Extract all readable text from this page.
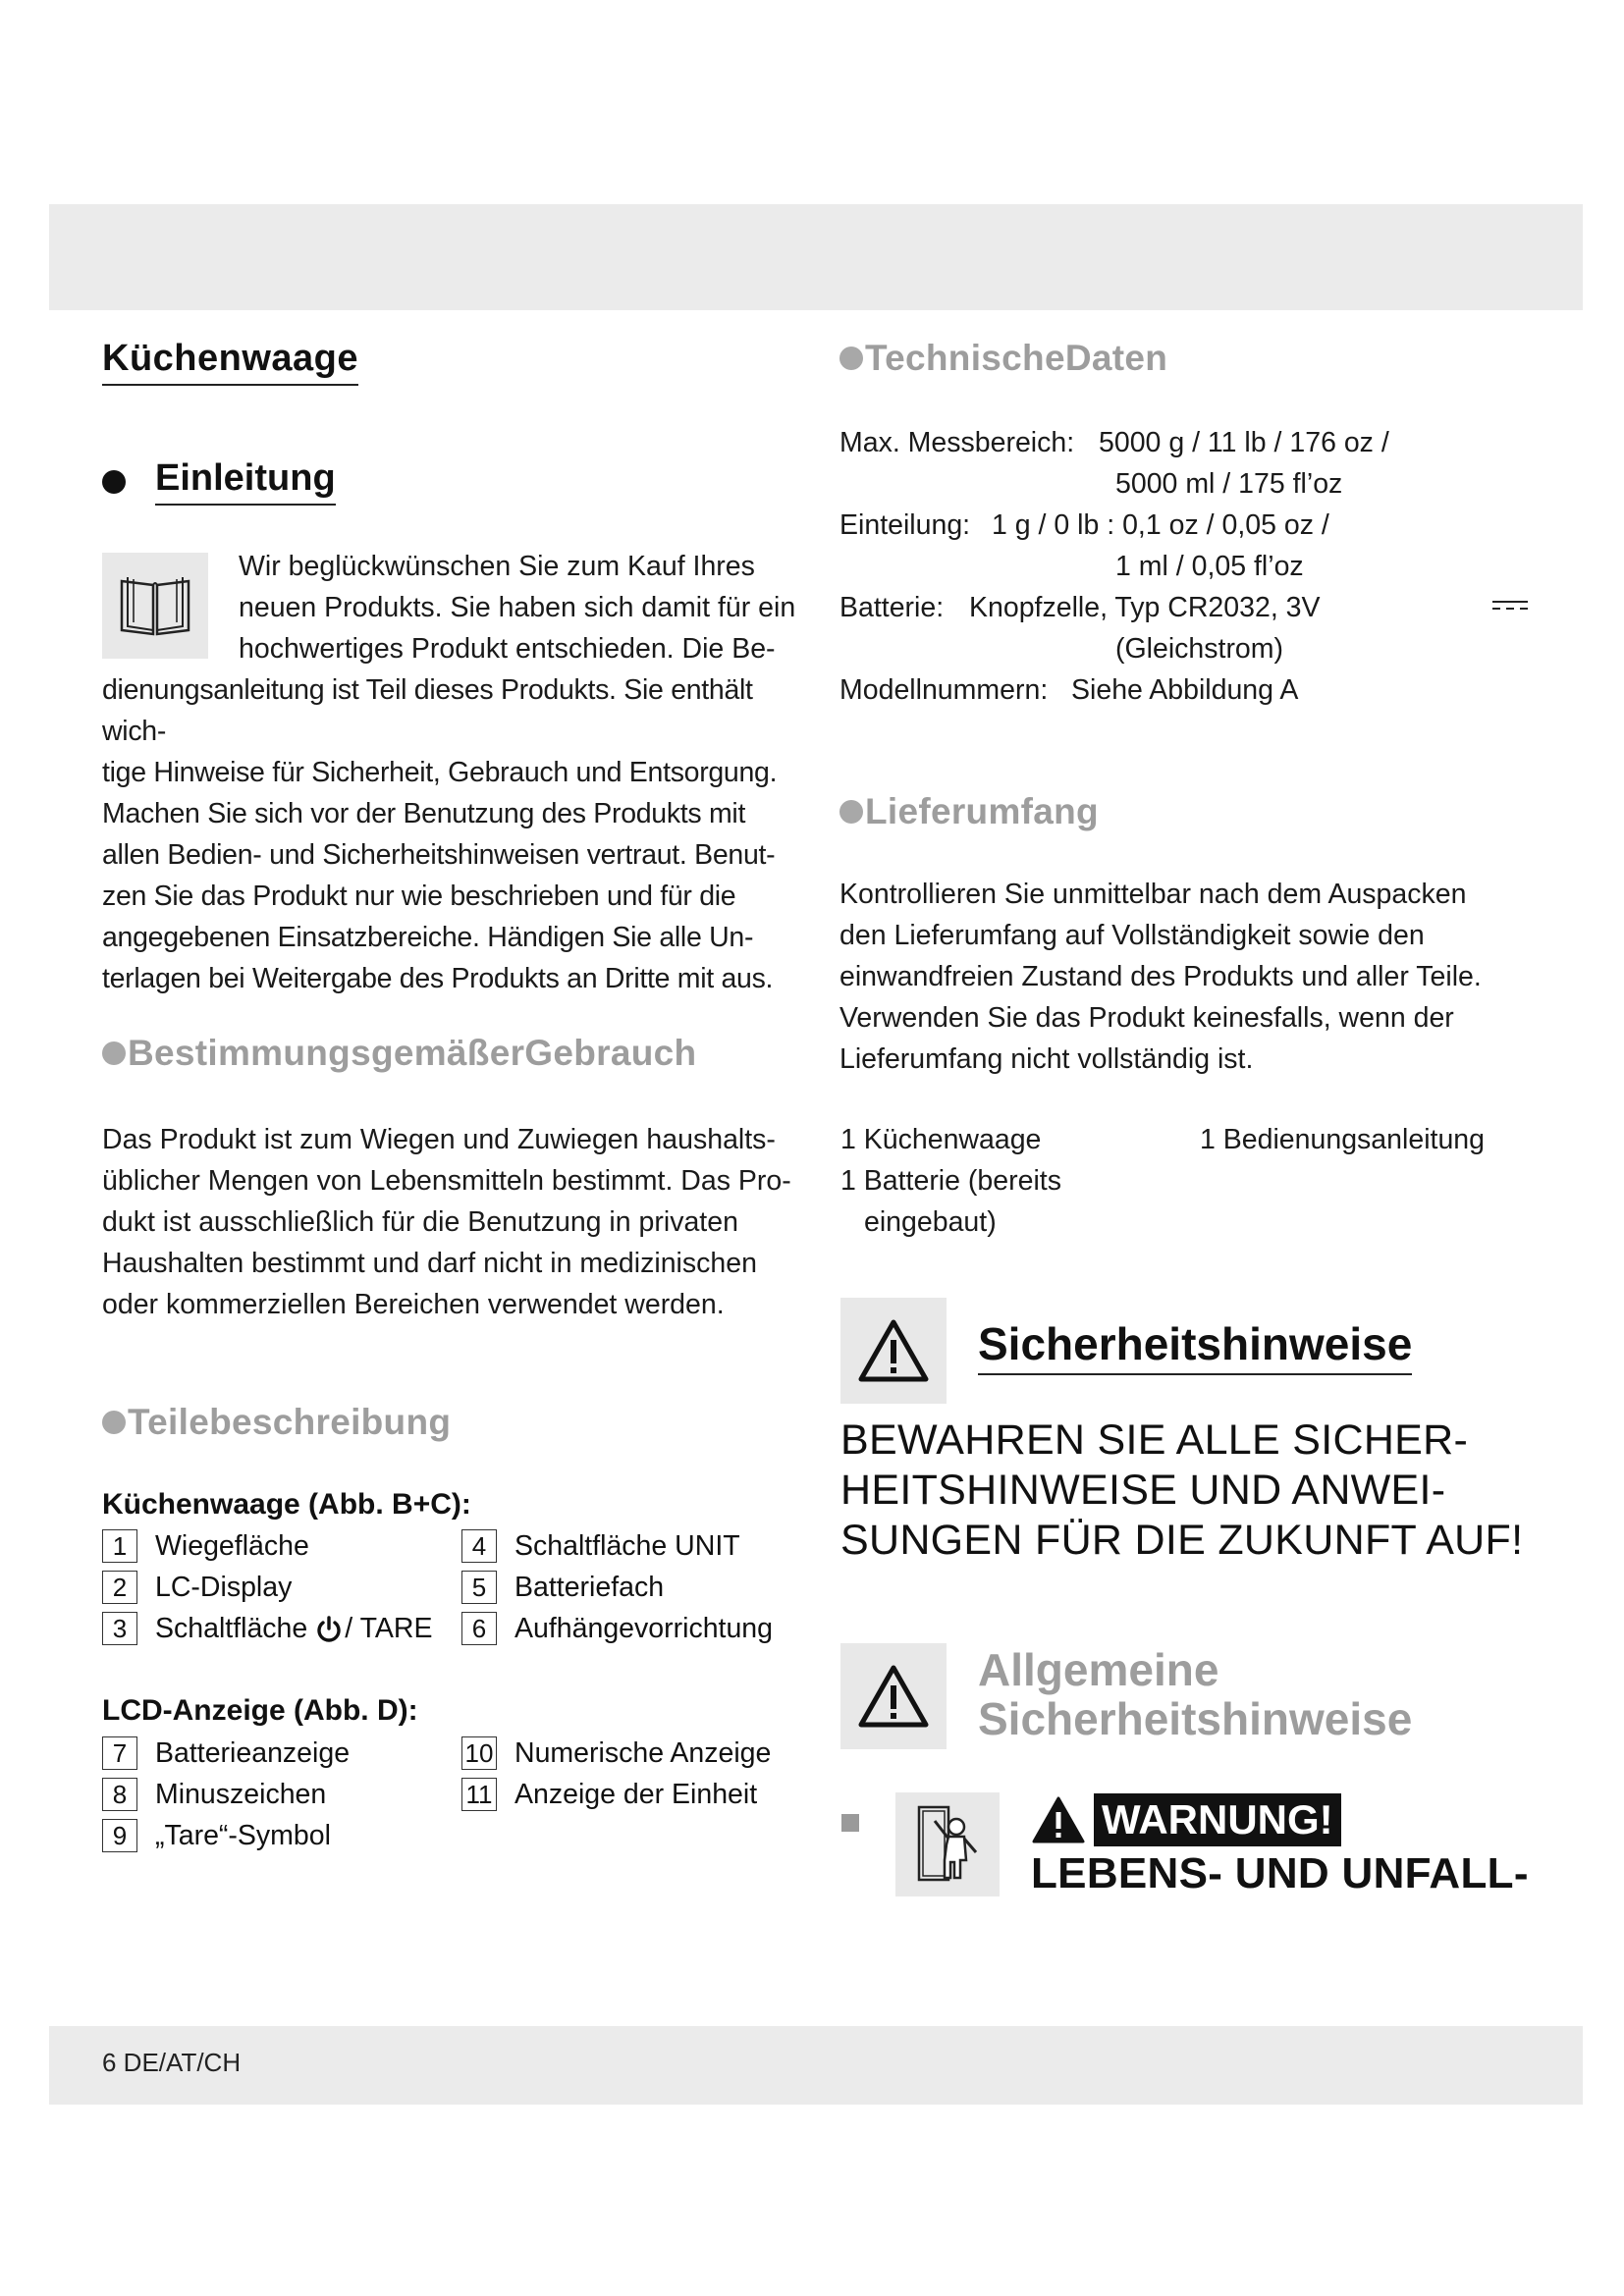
Küchenwaage
Einleitung

Wir beglückwünschen Sie zum Kauf Ihres

neuen Produkts. Sie haben sich damit für ein

hochwertiges Produkt entschieden. Die Be-

dienungsanleitung ist Teil dieses Produkts. Sie enthält wich-

tige Hinweise für Sicherheit, Gebrauch und Entsorgung.

Machen Sie sich vor der Benutzung des Produkts mit

allen Bedien- und Sicherheitshinweisen vertraut. Benut-

zen Sie das Produkt nur wie beschrieben und für die

angegebenen Einsatzbereiche. Händigen Sie alle Un-

terlagen bei Weitergabe des Produkts an Dritte mit aus.

BestimmungsgemäßerGebrauch

Das Produkt ist zum Wiegen und Zuwiegen haushalts-

üblicher Mengen von Lebensmitteln bestimmt. Das Pro-

dukt ist ausschließlich für die Benutzung in privaten

Haushalten bestimmt und darf nicht in medizinischen

oder kommerziellen Bereichen verwendet werden.

Teilebeschreibung
Küchenwaage (Abb. B+C):
1	Wiegefläche
2	LC-Display
3	Schaltfläche / TARE
4	Schaltfläche UNIT
5	Batteriefach
6	Aufhängevorrichtung
LCD-Anzeige (Abb. D):
7	Batterieanzeige
8	Minuszeichen
9	„Tare“-Symbol
10 Numerische Anzeige
11 Anzeige der Einheit
TechnischeDaten
Max. Messbereich: 5000 g / 11 lb / 176 oz /
5000 ml / 175 fl’oz
Einteilung: 1 g / 0 lb : 0,1 oz / 0,05 oz /
1 ml / 0,05 fl’oz
Batterie: Knopfzelle, Typ CR2032, 3V
(Gleichstrom)
Modellnummern: Siehe Abbildung A
Lieferumfang

Kontrollieren Sie unmittelbar nach dem Auspacken

den Lieferumfang auf Vollständigkeit sowie den

einwandfreien Zustand des Produkts und aller Teile.

Verwenden Sie das Produkt keinesfalls, wenn der

Lieferumfang nicht vollständig ist.

1 Küchenwaage
1 Batterie (bereits
eingebaut)
1 Bedienungsanleitung
Sicherheitshinweise
BEWAHREN SIE ALLE SICHER-
HEITSHINWEISE UND ANWEI-
SUNGEN FÜR DIE ZUKUNFT AUF!
Allgemeine
Sicherheitshinweise
WARNUNG!
LEBENS- UND UNFALL-
6 DE/AT/CH
